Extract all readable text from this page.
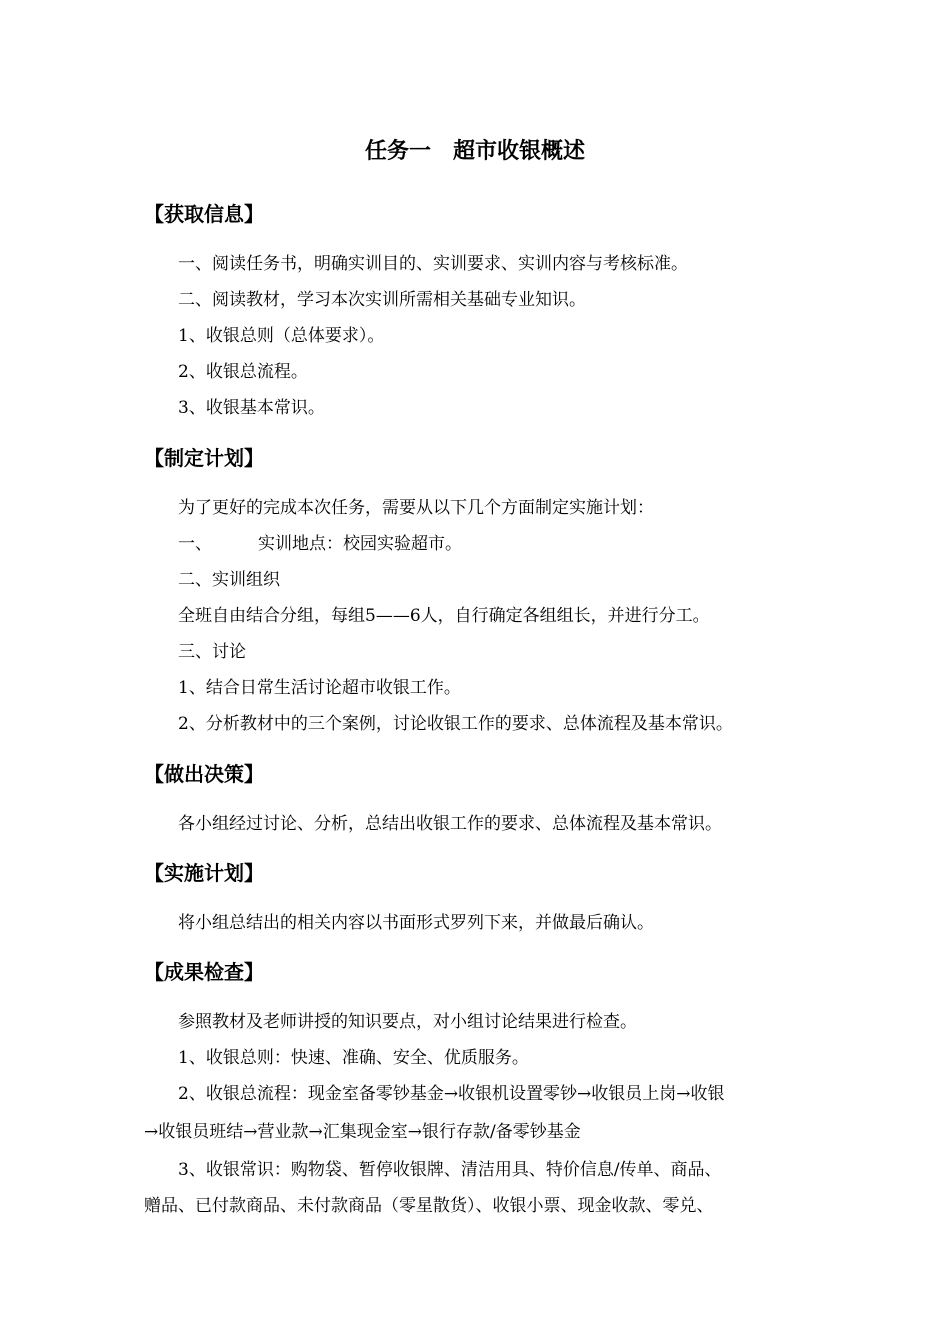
任务一　超市收银概述
【获取信息】
一、阅读任务书，明确实训目的、实训要求、实训内容与考核标准。
二、阅读教材，学习本次实训所需相关基础专业知识。
1、收银总则（总体要求）。
2、收银总流程。
3、收银基本常识。
【制定计划】
为了更好的完成本次任务，需要从以下几个方面制定实施计划：
一、	实训地点：校园实验超市。
二、实训组织
全班自由结合分组，每组5——6人，自行确定各组组长，并进行分工。
三、讨论
1、结合日常生活讨论超市收银工作。
2、分析教材中的三个案例，讨论收银工作的要求、总体流程及基本常识。
【做出决策】
各小组经过讨论、分析，总结出收银工作的要求、总体流程及基本常识。
【实施计划】
将小组总结出的相关内容以书面形式罗列下来，并做最后确认。
【成果检查】
参照教材及老师讲授的知识要点，对小组讨论结果进行检查。
1、收银总则：快速、准确、安全、优质服务。
2、收银总流程：现金室备零钞基金→收银机设置零钞→收银员上岗→收银
→收银员班结→营业款→汇集现金室→银行存款/备零钞基金
3、收银常识：购物袋、暂停收银牌、清洁用具、特价信息/传单、商品、
赠品、已付款商品、未付款商品（零星散货）、收银小票、现金收款、零兑、
